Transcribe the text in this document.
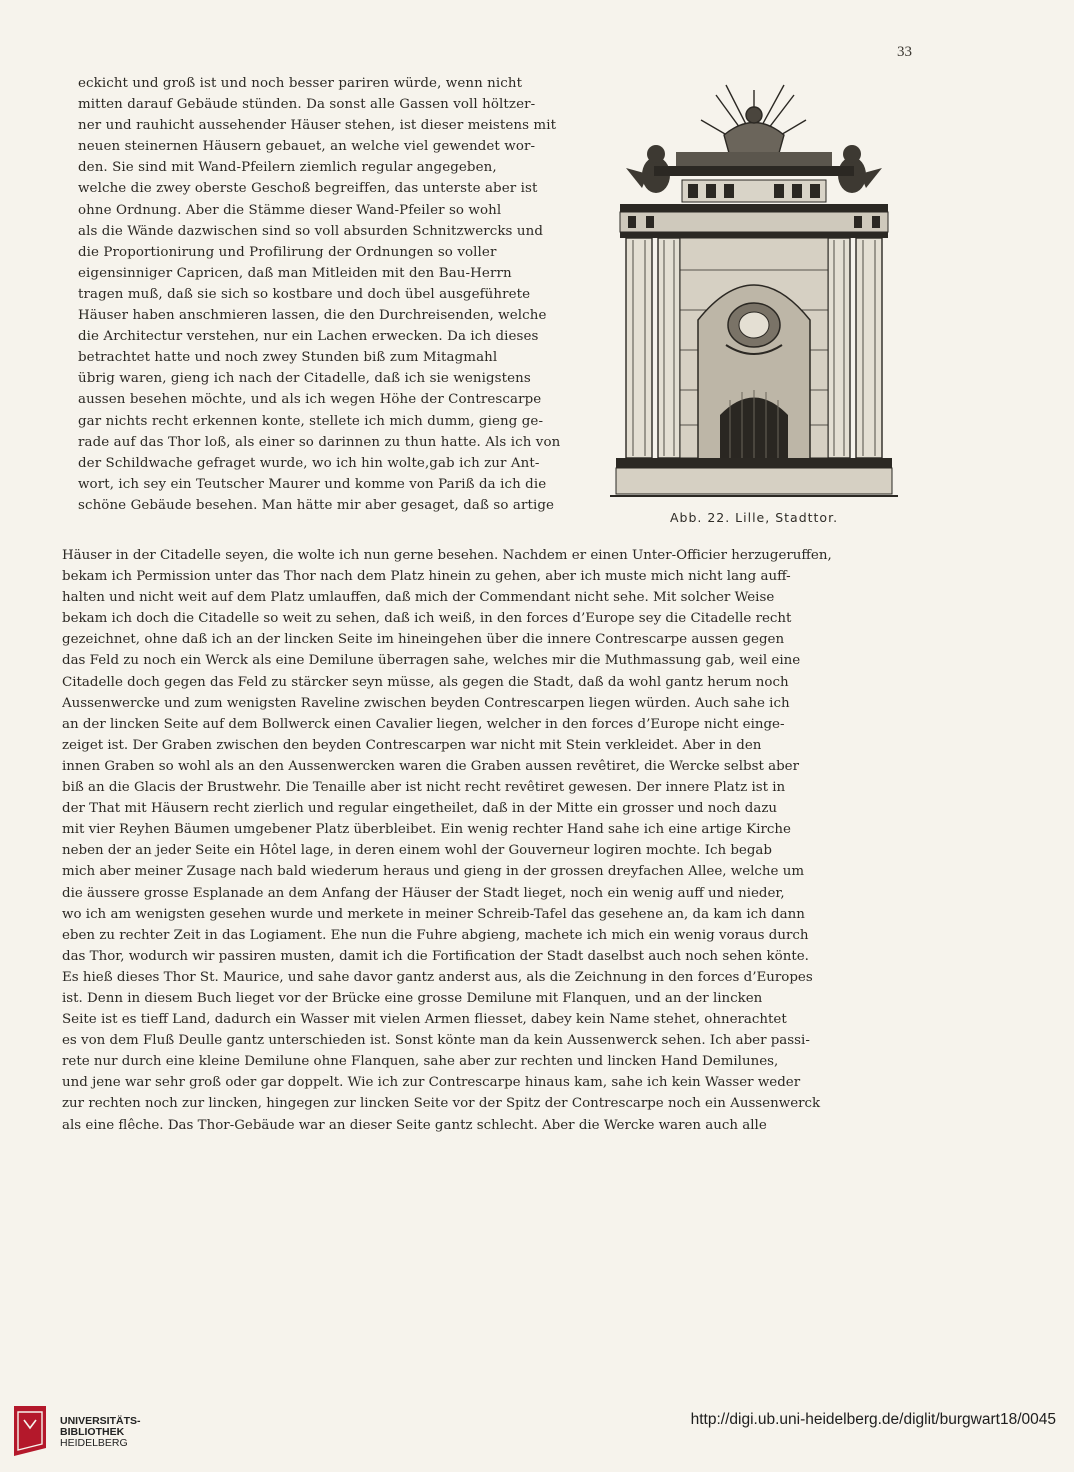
33
eckicht und groß ist und noch besser pariren würde, wenn nicht
mitten darauf Gebäude stünden. Da sonst alle Gassen voll höltzer-
ner und rauhicht aussehender Häuser stehen, ist dieser meistens mit
neuen steinernen Häusern gebauet, an welche viel gewendet wor-
den. Sie sind mit Wand-Pfeilern ziemlich regular angegeben,
welche die zwey oberste Geschoß begreiffen, das unterste aber ist
ohne Ordnung. Aber die Stämme dieser Wand-Pfeiler so wohl
als die Wände dazwischen sind so voll absurden Schnitzwercks und
die Proportionirung und Profilirung der Ordnungen so voller
eigensinniger Capricen, daß man Mitleiden mit den Bau-Herrn
tragen muß, daß sie sich so kostbare und doch übel ausgeführete
Häuser haben anschmieren lassen, die den Durchreisenden, welche
die Architectur verstehen, nur ein Lachen erwecken. Da ich dieses
betrachtet hatte und noch zwey Stunden biß zum Mitagmahl
übrig waren, gieng ich nach der Citadelle, daß ich sie wenigstens
aussen besehen möchte, und als ich wegen Höhe der Contrescarpe
gar nichts recht erkennen konte, stellete ich mich dumm, gieng ge-
rade auf das Thor loß, als einer so darinnen zu thun hatte. Als ich von
der Schildwache gefraget wurde, wo ich hin wolte,gab ich zur Ant-
wort, ich sey ein Teutscher Maurer und komme von Pariß da ich die
schöne Gebäude besehen. Man hätte mir aber gesaget, daß so artige
Abb. 22. Lille, Stadttor.
Häuser in der Citadelle seyen, die wolte ich nun gerne besehen. Nachdem er einen Unter-Officier herzugeruffen,
bekam ich Permission unter das Thor nach dem Platz hinein zu gehen, aber ich muste mich nicht lang auff-
halten und nicht weit auf dem Platz umlauffen, daß mich der Commendant nicht sehe. Mit solcher Weise
bekam ich doch die Citadelle so weit zu sehen, daß ich weiß, in den forces d’Europe sey die Citadelle recht
gezeichnet, ohne daß ich an der lincken Seite im hineingehen über die innere Contrescarpe aussen gegen
das Feld zu noch ein Werck als eine Demilune überragen sahe, welches mir die Muthmassung gab, weil eine
Citadelle doch gegen das Feld zu stärcker seyn müsse, als gegen die Stadt, daß da wohl gantz herum noch
Aussenwercke und zum wenigsten Raveline zwischen beyden Contrescarpen liegen würden. Auch sahe ich
an der lincken Seite auf dem Bollwerck einen Cavalier liegen, welcher in den forces d’Europe nicht einge-
zeiget ist. Der Graben zwischen den beyden Contrescarpen war nicht mit Stein verkleidet. Aber in den
innen Graben so wohl als an den Aussenwercken waren die Graben aussen revêtiret, die Wercke selbst aber
biß an die Glacis der Brustwehr. Die Tenaille aber ist nicht recht revêtiret gewesen. Der innere Platz ist in
der That mit Häusern recht zierlich und regular eingetheilet, daß in der Mitte ein grosser und noch dazu
mit vier Reyhen Bäumen umgebener Platz überbleibet. Ein wenig rechter Hand sahe ich eine artige Kirche
neben der an jeder Seite ein Hôtel lage, in deren einem wohl der Gouverneur logiren mochte. Ich begab
mich aber meiner Zusage nach bald wiederum heraus und gieng in der grossen dreyfachen Allee, welche um
die äussere grosse Esplanade an dem Anfang der Häuser der Stadt lieget, noch ein wenig auff und nieder,
wo ich am wenigsten gesehen wurde und merkete in meiner Schreib-Tafel das gesehene an, da kam ich dann
eben zu rechter Zeit in das Logiament. Ehe nun die Fuhre abgieng, machete ich mich ein wenig voraus durch
das Thor, wodurch wir passiren musten, damit ich die Fortification der Stadt daselbst auch noch sehen könte.
Es hieß dieses Thor St. Maurice, und sahe davor gantz anderst aus, als die Zeichnung in den forces d’Europes
ist. Denn in diesem Buch lieget vor der Brücke eine grosse Demilune mit Flanquen, und an der lincken
Seite ist es tieff Land, dadurch ein Wasser mit vielen Armen fliesset, dabey kein Name stehet, ohnerachtet
es von dem Fluß Deulle gantz unterschieden ist. Sonst könte man da kein Aussenwerck sehen. Ich aber passi-
rete nur durch eine kleine Demilune ohne Flanquen, sahe aber zur rechten und lincken Hand Demilunes,
und jene war sehr groß oder gar doppelt. Wie ich zur Contrescarpe hinaus kam, sahe ich kein Wasser weder
zur rechten noch zur lincken, hingegen zur lincken Seite vor der Spitz der Contrescarpe noch ein Aussenwerck
als eine flêche. Das Thor-Gebäude war an dieser Seite gantz schlecht. Aber die Wercke waren auch alle
UNIVERSITÄTS-
BIBLIOTHEK
HEIDELBERG
http://digi.ub.uni-heidelberg.de/diglit/burgwart18/0045
